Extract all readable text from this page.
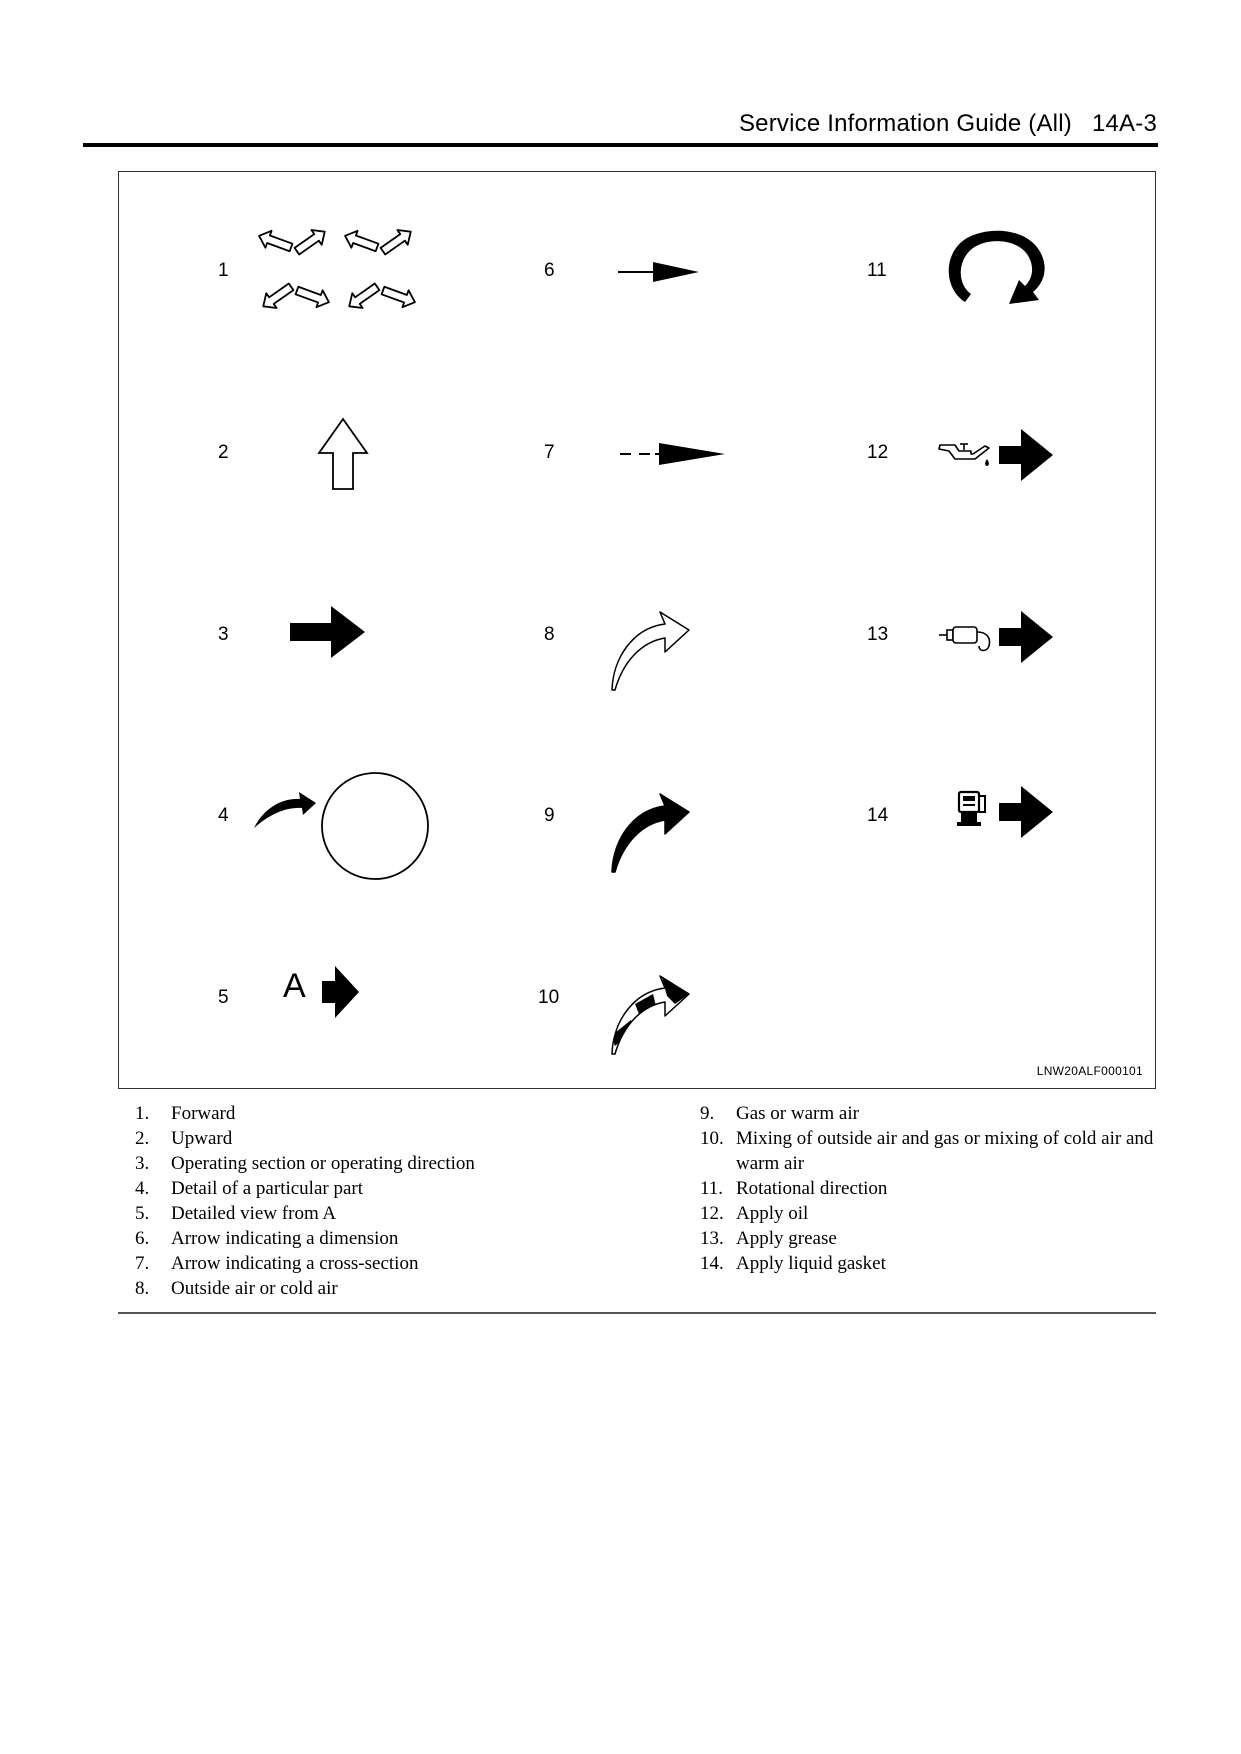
Service Information Guide (All) 14A-3
1
2
3
4
5
6
7
8
9
10
11
12
13
14
A
LNW20ALF000101
1.	Forward
2.	Upward
3.	Operating section or operating direction
4.	Detail of a particular part
5.	Detailed view from A
6.	Arrow indicating a dimension
7.	Arrow indicating a cross-section
8.	Outside air or cold air
9.	Gas or warm air
10. Mixing of outside air and gas or mixing of cold air and warm air
11. Rotational direction
12. Apply oil
13. Apply grease
14. Apply liquid gasket
